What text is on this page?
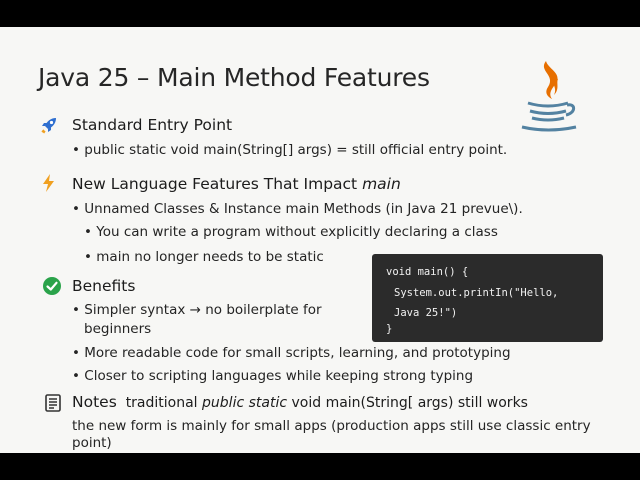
Java 25 – Main Method Features
Standard Entry Point
• public static void main(String[] args) = still official entry point.
New Language Features That Impact main
• Unnamed Classes & Instance main Methods (in Java 21 prevue\).
• You can write a program without explicitly declaring a class
• main no longer needs to be static
Benefits
• Simpler syntax → no boilerplate for
beginners
• More readable code for small scripts, learning, and prototyping
• Closer to scripting languages while keeping strong typing
Notes traditional public static void main(String[ args) still works
the new form is mainly for small apps (production apps still use classic entry
point)
void main() {
System.out.printIn("Hello,
Java 25!")
}
